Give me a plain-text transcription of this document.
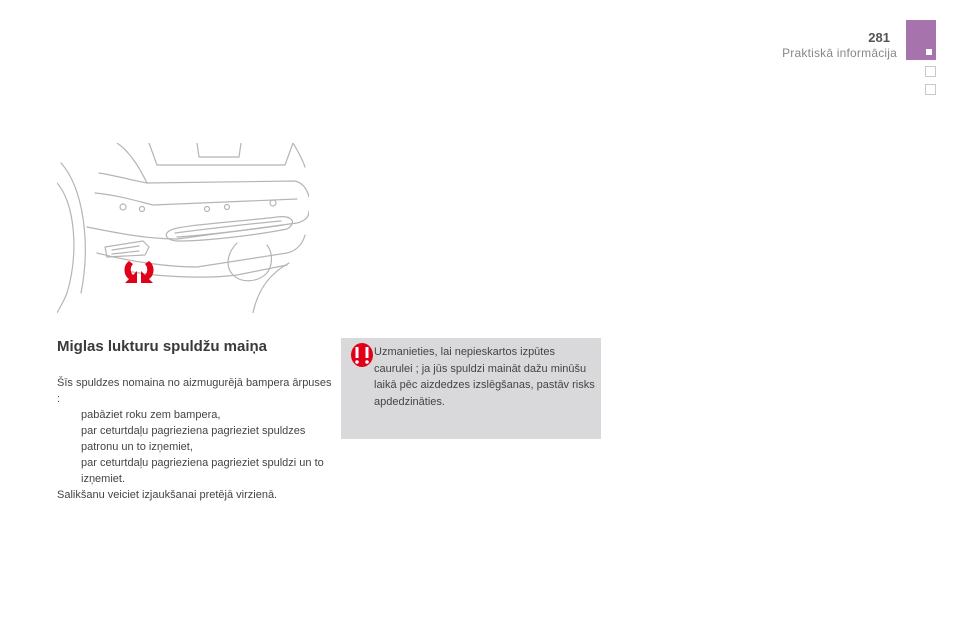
281
Praktiskā informācija
Miglas lukturu spuldžu maiņa
Šīs spuldzes nomaina no aizmugurējā bampera ārpuses :
pabāziet roku zem bampera,
par ceturtdaļu pagrieziena pagrieziet spuldzes patronu un to izņemiet,
par ceturtdaļu pagrieziena pagrieziet spuldzi un to izņemiet.
Salikšanu veiciet izjaukšanai pretējā virzienā.
Uzmanieties, lai nepieskartos izpūtes caurulei ; ja jūs spuldzi maināt dažu minūšu laikā pēc aizdedzes izslēgšanas, pastāv risks apdedzināties.
